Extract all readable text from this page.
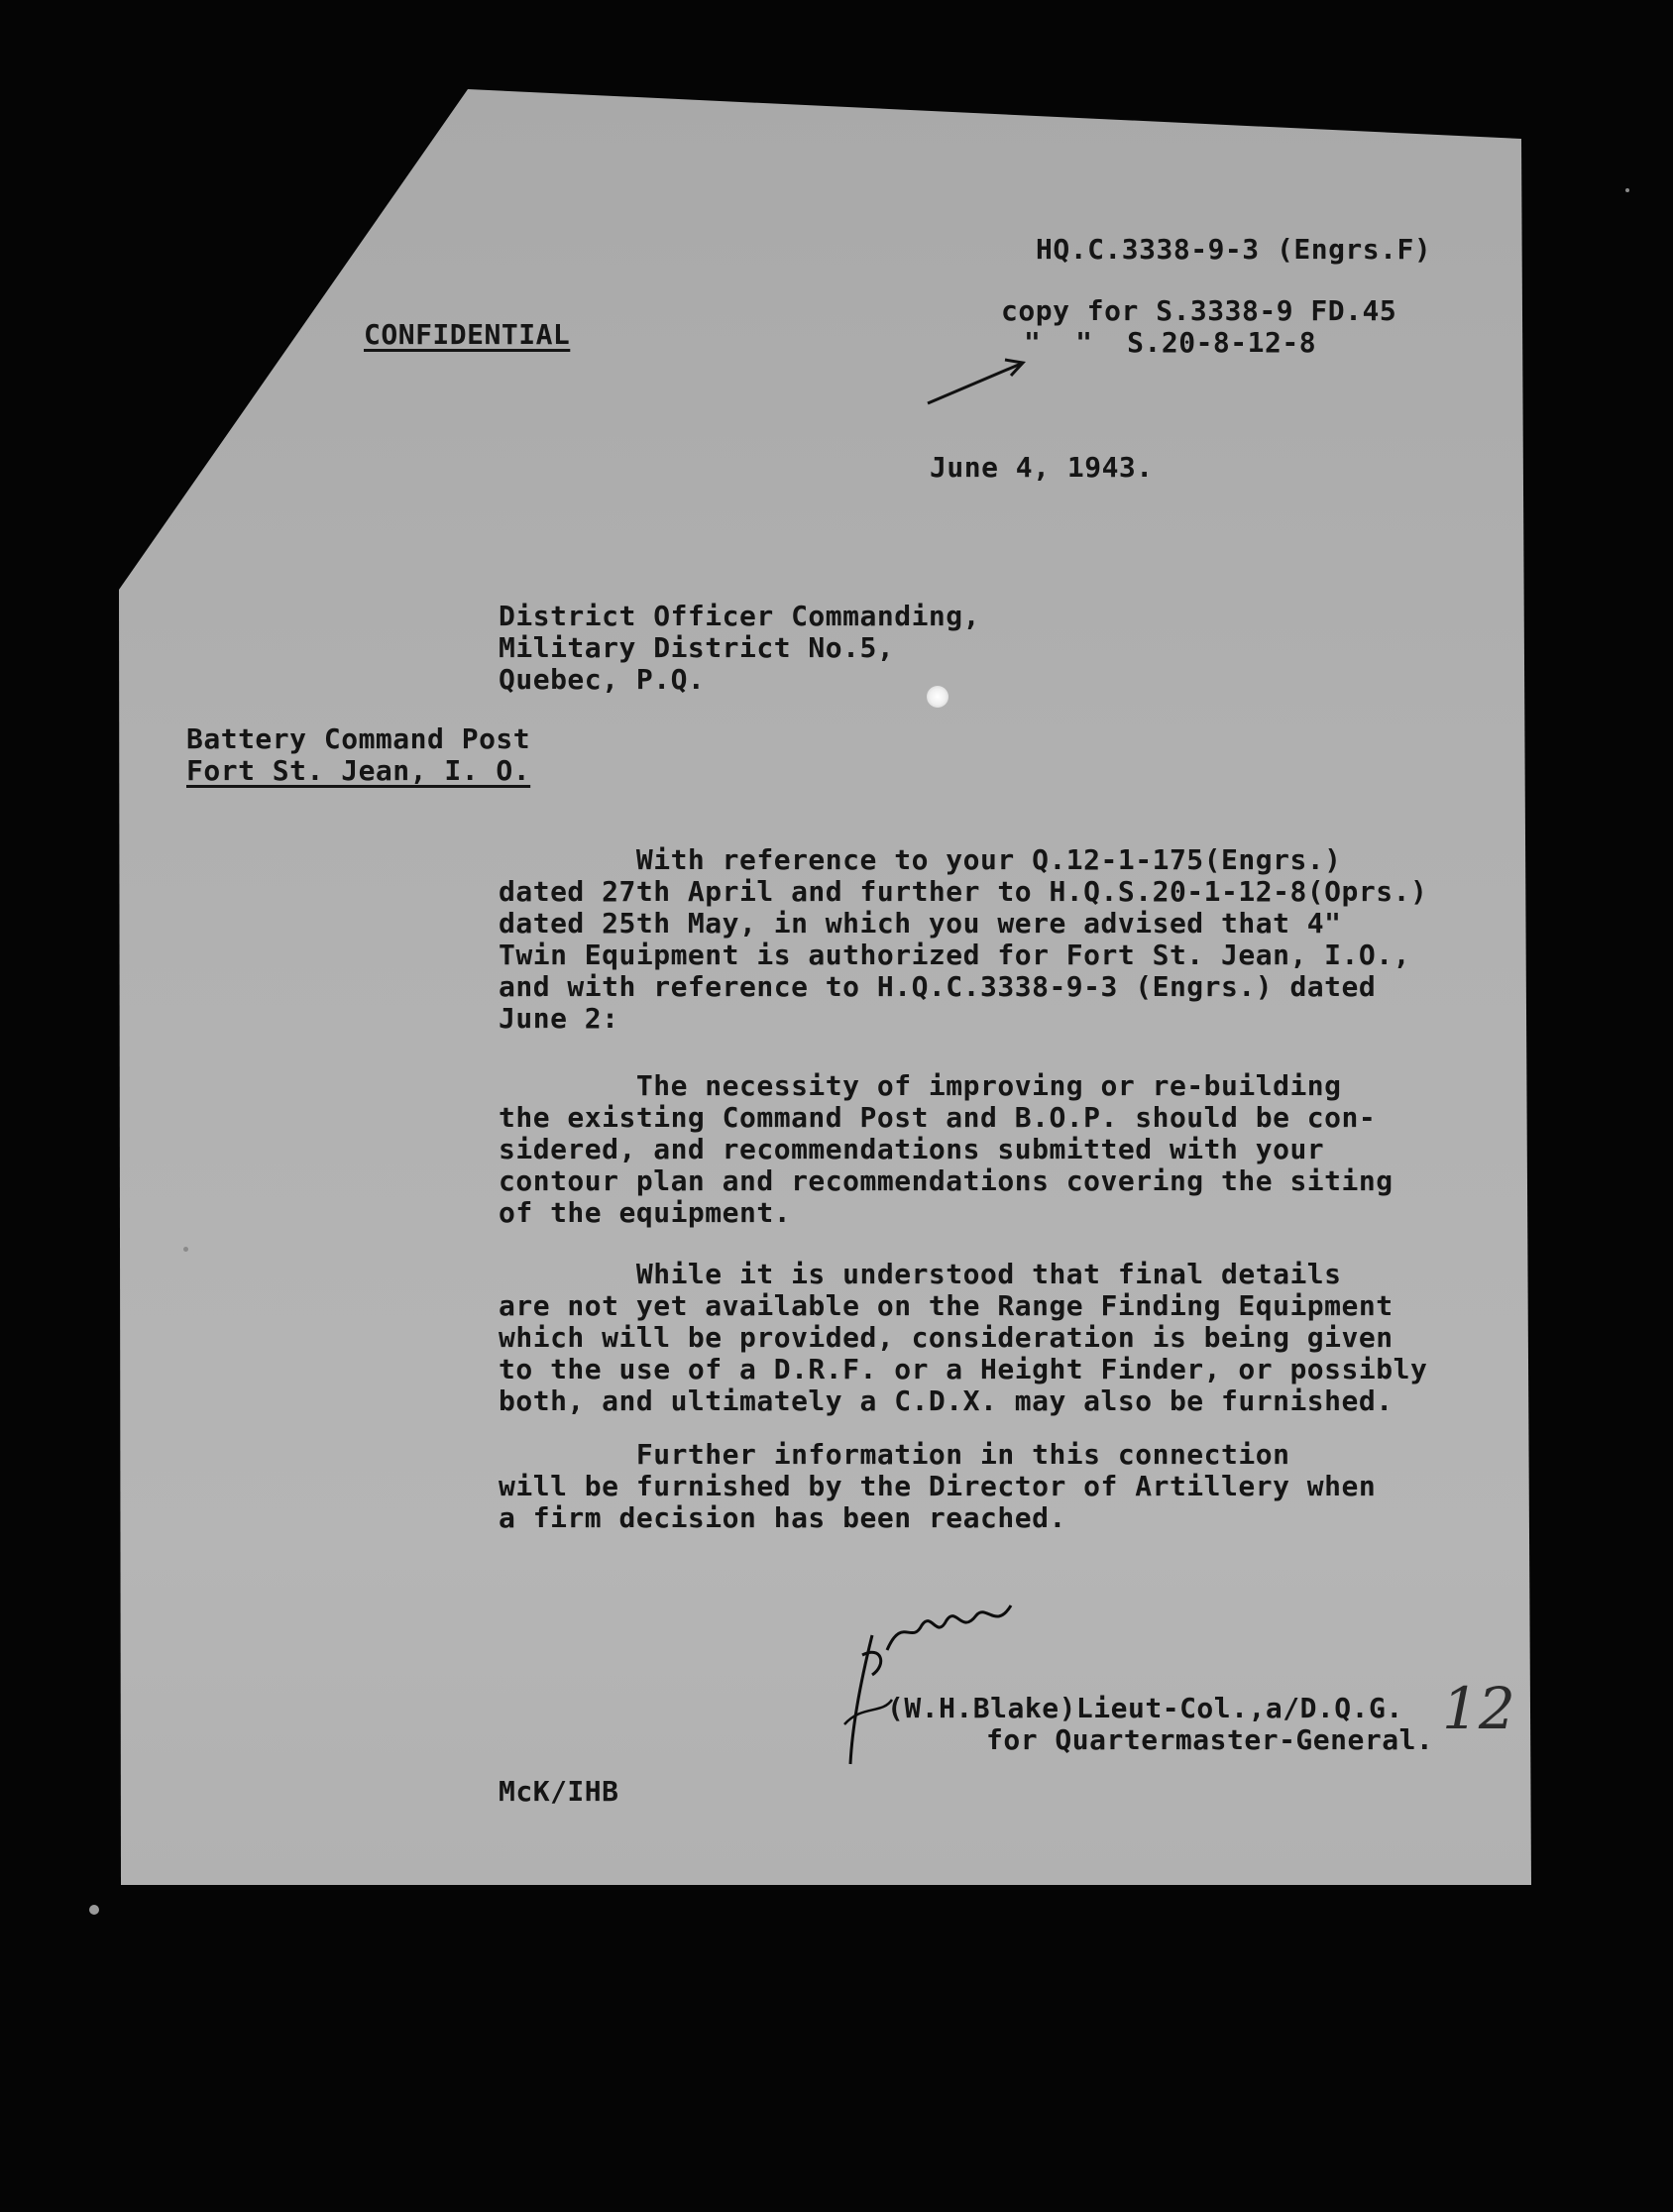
HQ.C.3338-9-3 (Engrs.F)
copy for S.3338-9 FD.45
"  "  S.20-8-12-8
CONFIDENTIAL
June 4, 1943.
District Officer Commanding,
Military District No.5,
Quebec, P.Q.
Battery Command Post
Fort St. Jean, I. O.
With reference to your Q.12-1-175(Engrs.)
dated 27th April and further to H.Q.S.20-1-12-8(Oprs.)
dated 25th May, in which you were advised that 4"
Twin Equipment is authorized for Fort St. Jean, I.O.,
and with reference to H.Q.C.3338-9-3 (Engrs.) dated
June 2:
The necessity of improving or re-building
the existing Command Post and B.O.P. should be con-
sidered, and recommendations submitted with your
contour plan and recommendations covering the siting
of the equipment.
While it is understood that final details
are not yet available on the Range Finding Equipment
which will be provided, consideration is being given
to the use of a D.R.F. or a Height Finder, or possibly
both, and ultimately a C.D.X. may also be furnished.
Further information in this connection
will be furnished by the Director of Artillery when
a firm decision has been reached.
(W.H.Blake)Lieut-Col.,a/D.Q.G.
for Quartermaster-General. 12
McK/IHB
